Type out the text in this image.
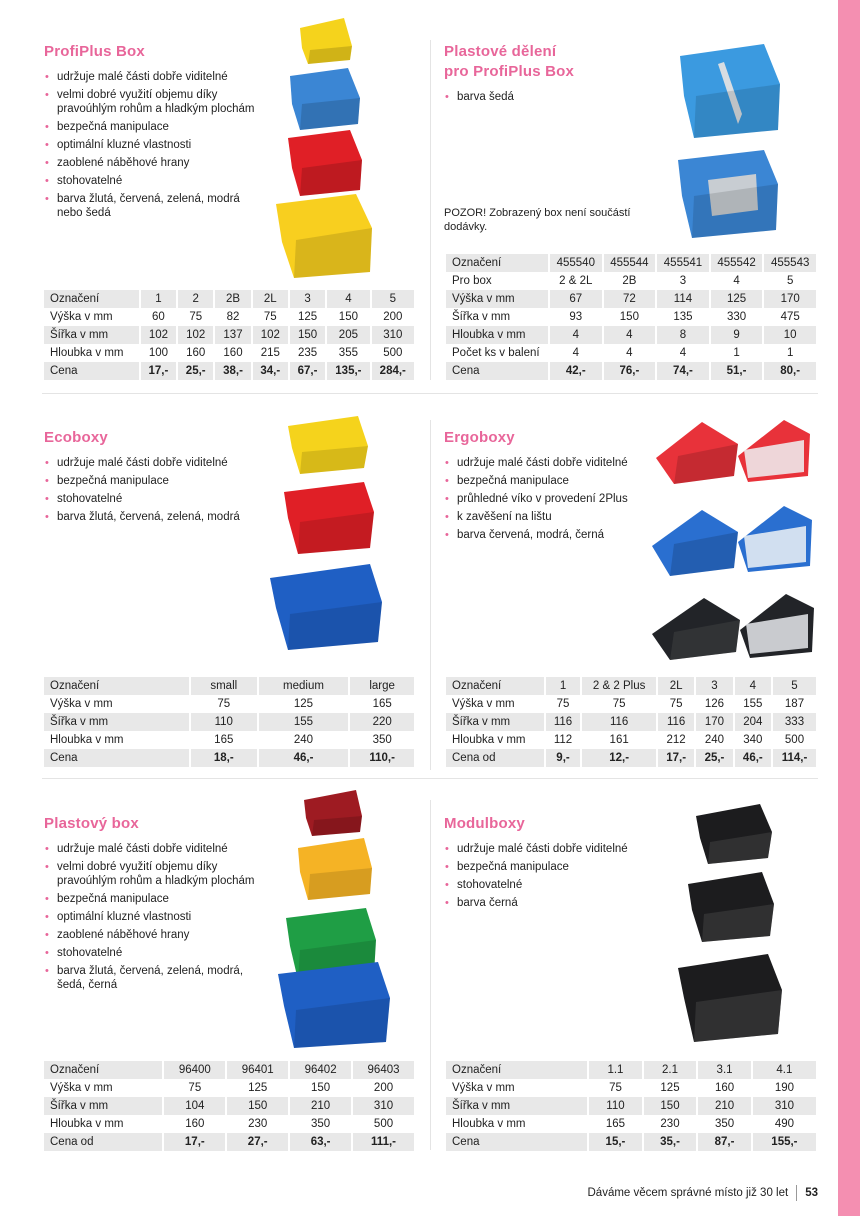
ProfiPlus Box
• udržuje malé části dobře viditelné
• velmi dobré využití objemu díky pravoúhlým rohům a hladkým plochám
• bezpečná manipulace
• optimální kluzné vlastnosti
• zaoblené náběhové hrany
• stohovatelné
• barva žlutá, červená, zelená, modrá nebo šedá
Označení	1	2	2B	2L	3	4	5
Výška v mm	60	75	82	75	125	150	200
Šířka v mm	102	102	137	102	150	205	310
Hloubka v mm	100	160	160	215	235	355	500
Cena	17,-	25,-	38,-	34,-	67,-	135,-	284,-
Plastové dělení
pro ProfiPlus Box
• barva šedá
POZOR! Zobrazený box není součástí dodávky.
Označení	455540	455544	455541	455542	455543
Pro box	2 & 2L	2B	3	4	5
Výška v mm	67	72	114	125	170
Šířka v mm	93	150	135	330	475
Hloubka v mm	4	4	8	9	10
Počet ks v balení	4	4	4	1	1
Cena	42,-	76,-	74,-	51,-	80,-
Ecoboxy
• udržuje malé části dobře viditelné
• bezpečná manipulace
• stohovatelné
• barva žlutá, červená, zelená, modrá
Označení	small	medium	large
Výška v mm	75	125	165
Šířka v mm	110	155	220
Hloubka v mm	165	240	350
Cena	18,-	46,-	110,-
Ergoboxy
• udržuje malé části dobře viditelné
• bezpečná manipulace
• průhledné víko v provedení 2Plus
• k zavěšení na lištu
• barva červená, modrá, černá
Označení	1	2 & 2 Plus	2L	3	4	5
Výška v mm	75	75	75	126	155	187
Šířka v mm	116	116	116	170	204	333
Hloubka v mm	112	161	212	240	340	500
Cena od	9,-	12,-	17,-	25,-	46,-	114,-
Plastový box
• udržuje malé části dobře viditelné
• velmi dobré využití objemu díky pravoúhlým rohům a hladkým plochám
• bezpečná manipulace
• optimální kluzné vlastnosti
• zaoblené náběhové hrany
• stohovatelné
• barva žlutá, červená, zelená, modrá, šedá, černá
Označení	96400	96401	96402	96403
Výška v mm	75	125	150	200
Šířka v mm	104	150	210	310
Hloubka v mm	160	230	350	500
Cena od	17,-	27,-	63,-	111,-
Modulboxy
• udržuje malé části dobře viditelné
• bezpečná manipulace
• stohovatelné
• barva černá
Označení	1.1	2.1	3.1	4.1
Výška v mm	75	125	160	190
Šířka v mm	110	150	210	310
Hloubka v mm	165	230	350	490
Cena	15,-	35,-	87,-	155,-
Dáváme věcem správné místo již 30 let 53
